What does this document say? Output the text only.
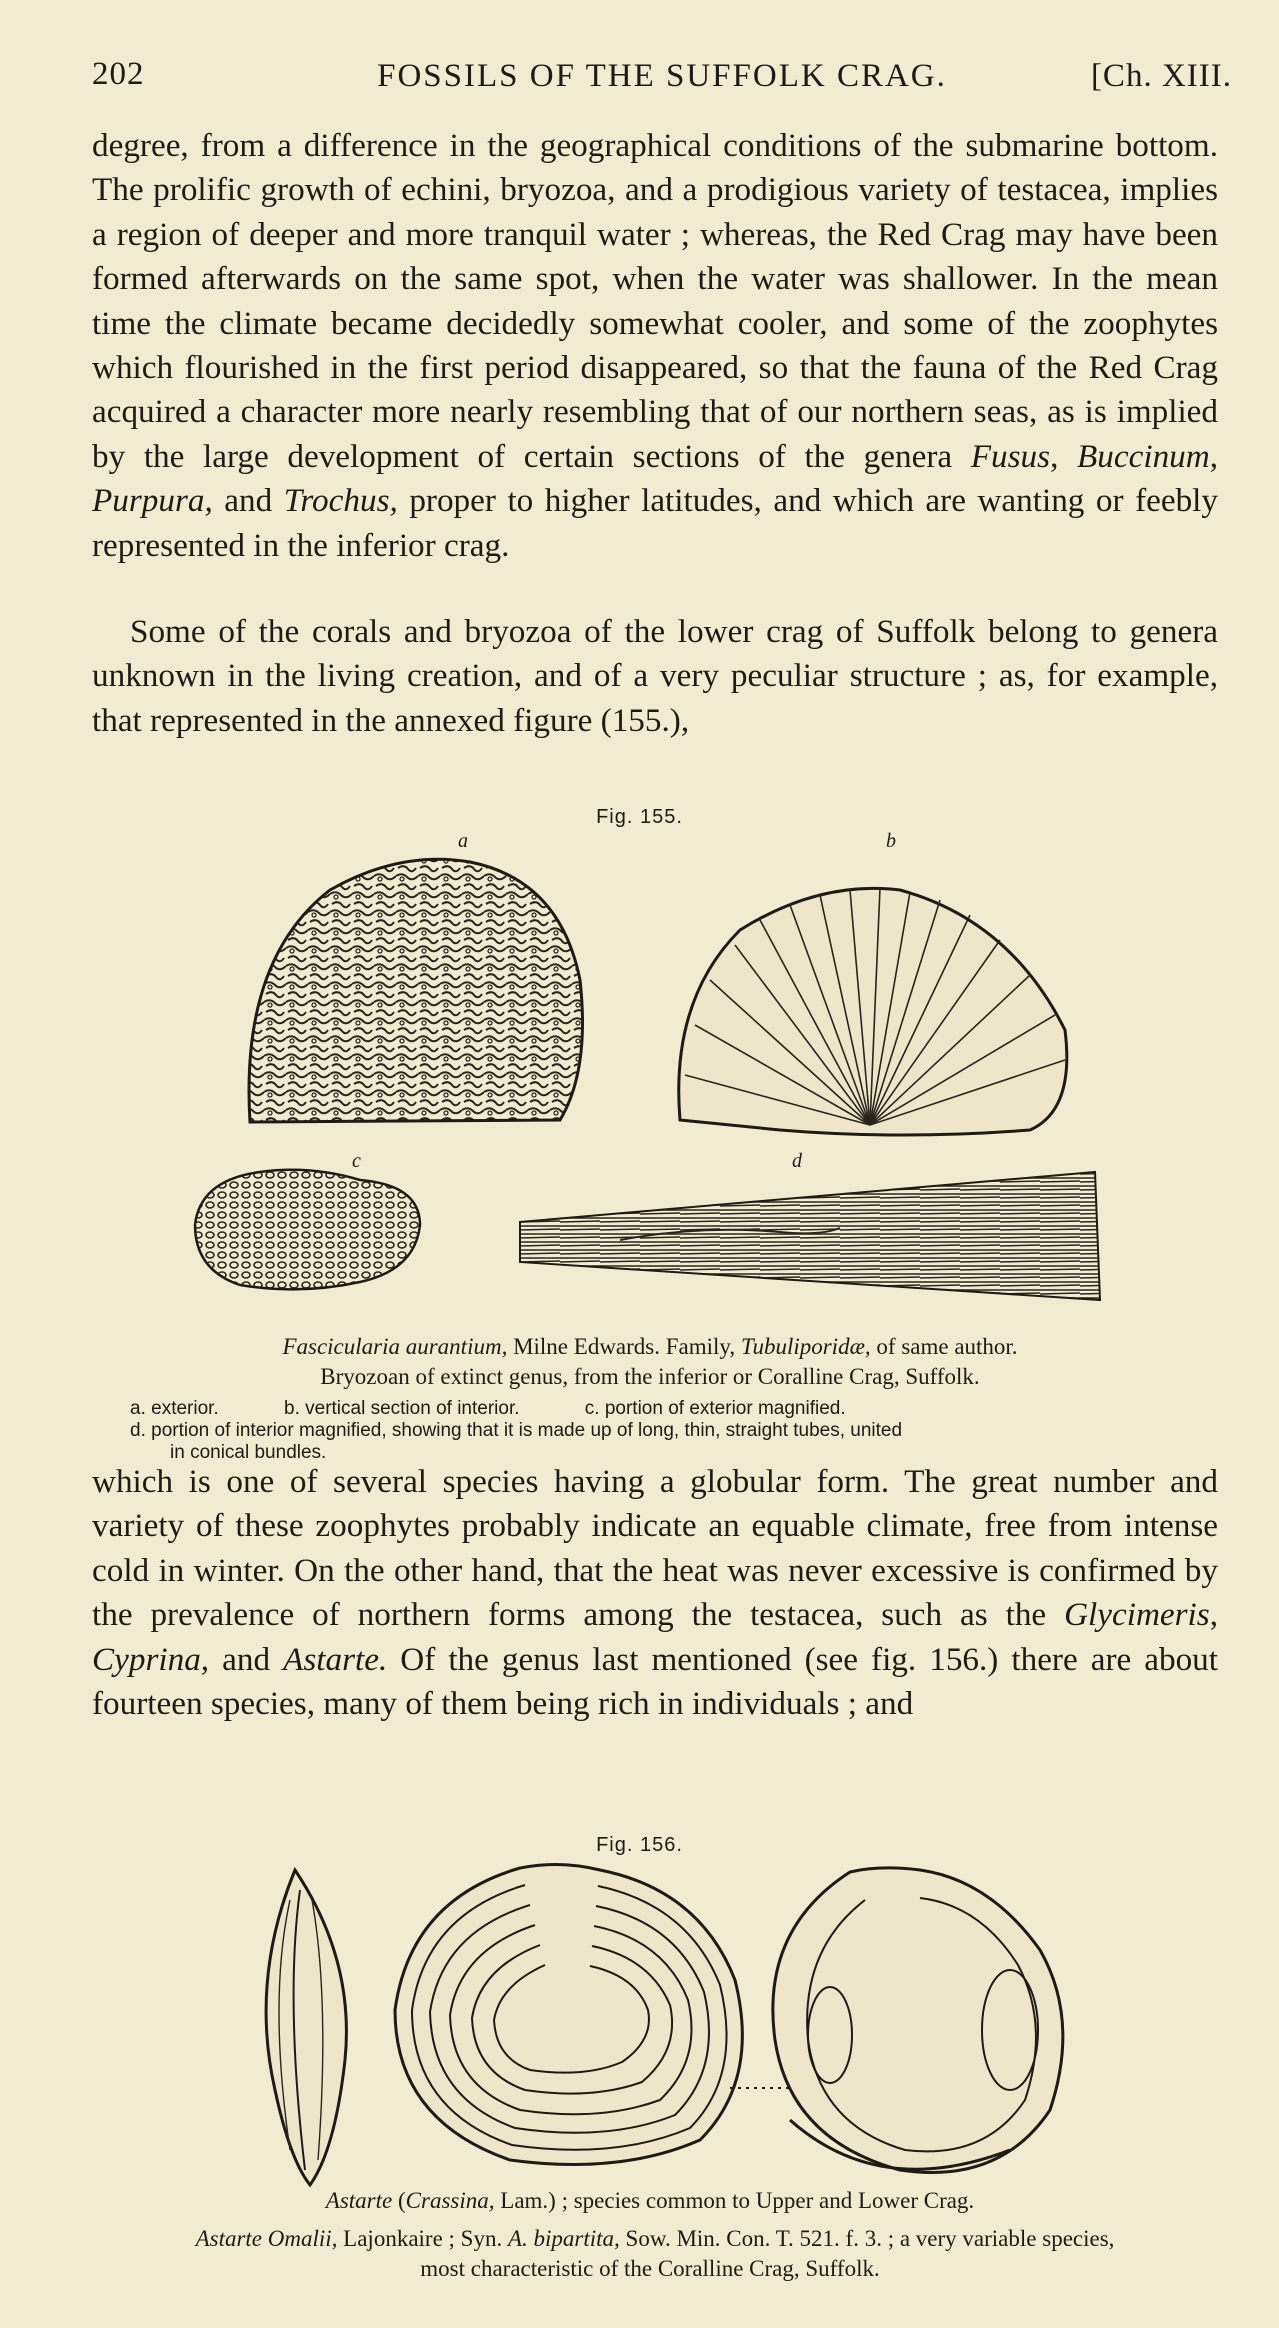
202	FOSSILS OF THE SUFFOLK CRAG.	[Ch. XIII.

degree, from a difference in the geographical conditions of the submarine bottom. The prolific growth of echini, bryozoa, and a prodigious variety of testacea, implies a region of deeper and more tranquil water ; whereas, the Red Crag may have been formed afterwards on the same spot, when the water was shallower. In the mean time the climate became decidedly somewhat cooler, and some of the zoophytes which flourished in the first period disappeared, so that the fauna of the Red Crag acquired a character more nearly resembling that of our northern seas, as is implied by the large development of certain sections of the genera Fusus, Buccinum, Purpura, and Trochus, proper to higher latitudes, and which are wanting or feebly represented in the inferior crag.

Some of the corals and bryozoa of the lower crag of Suffolk belong to genera unknown in the living creation, and of a very peculiar structure ; as, for example, that represented in the annexed figure (155.),

Fig. 155.
a	b
c	d
Fascicularia aurantium, Milne Edwards. Family, Tubuliporidæ, of same author.
Bryozoan of extinct genus, from the inferior or Coralline Crag, Suffolk.
a. exterior.	b. vertical section of interior.	c. portion of exterior magnified.
d. portion of interior magnified, showing that it is made up of long, thin, straight tubes, united
in conical bundles.

which is one of several species having a globular form. The great number and variety of these zoophytes probably indicate an equable climate, free from intense cold in winter. On the other hand, that the heat was never excessive is confirmed by the prevalence of northern forms among the testacea, such as the Glycimeris, Cyprina, and Astarte. Of the genus last mentioned (see fig. 156.) there are about fourteen species, many of them being rich in individuals ; and

Fig. 156.
Astarte (Crassina, Lam.) ; species common to Upper and Lower Crag.
Astarte Omalii, Lajonkaire ; Syn. A. bipartita, Sow. Min. Con. T. 521. f. 3. ; a very variable species,
most characteristic of the Coralline Crag, Suffolk.
